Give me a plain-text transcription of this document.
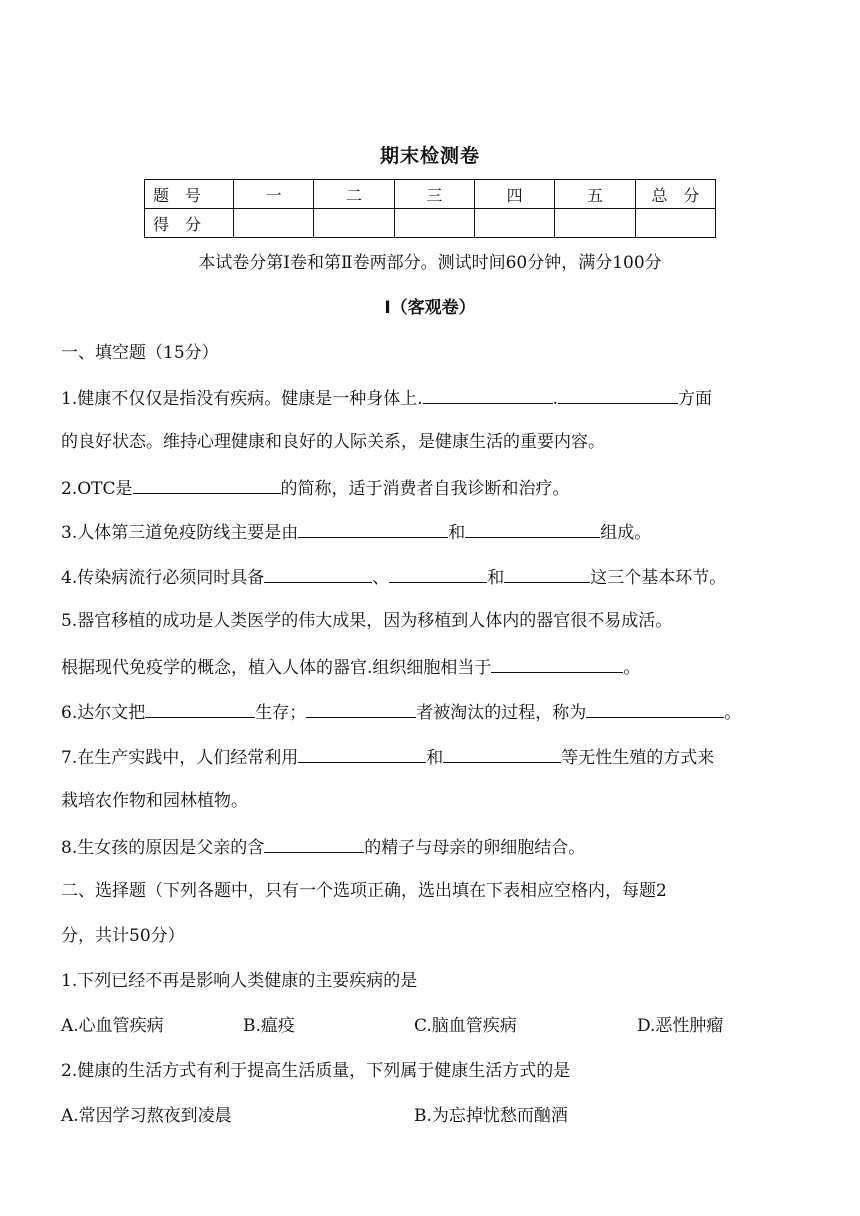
期末检测卷
题　号	一	二	三	四	五	总　分
得　分						
本试卷分第Ⅰ卷和第Ⅱ卷两部分。测试时间60分钟，满分100分
Ⅰ（客观卷）
一、填空题（15分）
1.健康不仅仅是指没有疾病。健康是一种身体上.	.	方面
的良好状态。维持心理健康和良好的人际关系，是健康生活的重要内容。
2.OTC是	的简称，适于消费者自我诊断和治疗。
3.人体第三道免疫防线主要是由	和	组成。
4.传染病流行必须同时具备	、	和	这三个基本环节。
5.器官移植的成功是人类医学的伟大成果，因为移植到人体内的器官很不易成活。
根据现代免疫学的概念，植入人体的器官.组织细胞相当于	。
6.达尔文把	生存；	者被淘汰的过程，称为	。
7.在生产实践中，人们经常利用	和	等无性生殖的方式来
栽培农作物和园林植物。
8.生女孩的原因是父亲的含	的精子与母亲的卵细胞结合。
二、选择题（下列各题中，只有一个选项正确，选出填在下表相应空格内，每题2
分，共计50分）
1.下列已经不再是影响人类健康的主要疾病的是
A.心血管疾病	B.瘟疫	C.脑血管疾病	D.恶性肿瘤
2.健康的生活方式有利于提高生活质量，下列属于健康生活方式的是
A.常因学习熬夜到凌晨	B.为忘掉忧愁而酗酒
